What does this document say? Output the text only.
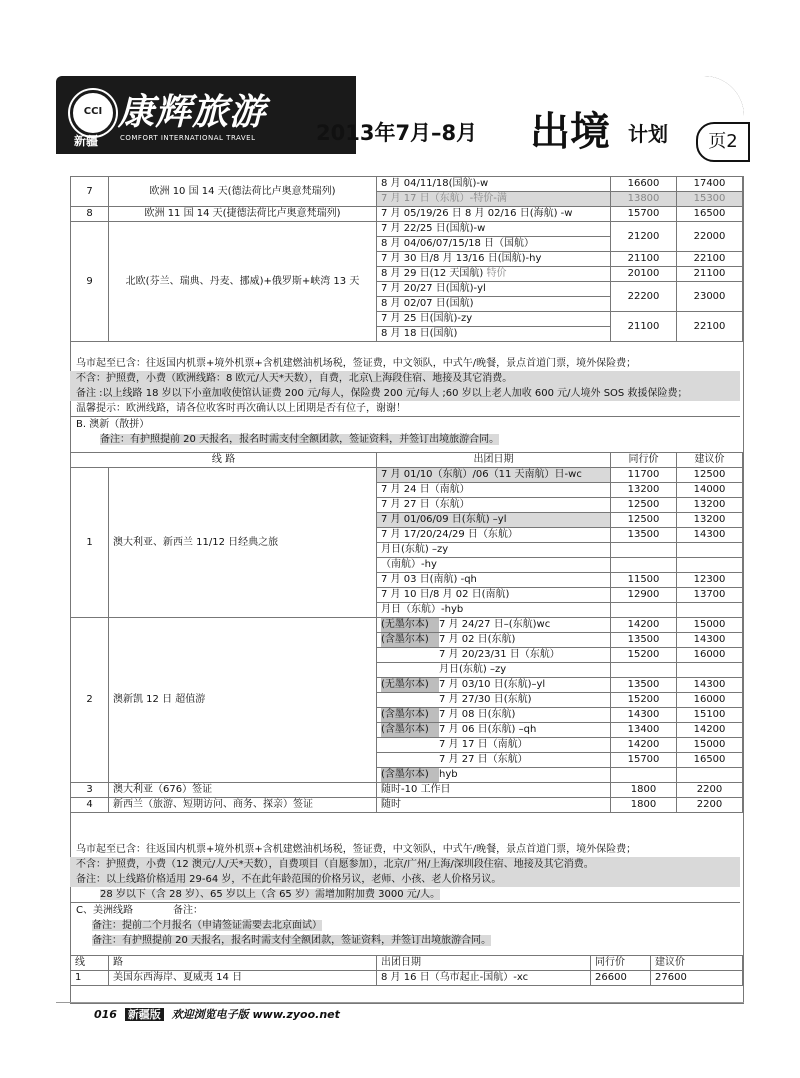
CCI
新疆
康辉旅游
COMFORT INTERNATIONAL TRAVEL	2013年7月–8月 出境 计划	页2
7	欧洲 10 国 14 天(德法荷比卢奥意梵瑞列)	8 月 04/11/18(国航)-w	16600	17400
		7 月 17 日（东航）-特价-满	13800	15300
8	欧洲 11 国 14 天(捷德法荷比卢奥意梵瑞列)	7 月 05/19/26 日 8 月 02/16 日(海航) -w	15700	16500
9	北欧(芬兰、瑞典、丹麦、挪威)+俄罗斯+峡湾 13 天	7 月 22/25 日(国航)-w	21200	22000
		8 月 04/06/07/15/18 日（国航）		
		7 月 30 日/8 月 13/16 日(国航)-hy	21100	22100
		8 月 29 日(12 天国航) 特价	20100	21100
		7 月 20/27 日(国航)-yl	22200	23000
		8 月 02/07 日(国航)		
		7 月 25 日(国航)-zy	21100	22100
		8 月 18 日(国航)		
乌市起至已含：往返国内机票+境外机票+含机建燃油机场税，签证费，中文领队，中式午/晚餐，景点首道门票，境外保险费；
不含：护照费，小费（欧洲线路：8 欧元/人天*天数），自费，北京\上海段住宿、地接及其它消费。
备注 :以上线路 18 岁以下小童加收使馆认证费 200 元/每人，保险费 200 元/每人 ;60 岁以上老人加收 600 元/人境外 SOS 救援保险费；
温馨提示：欧洲线路，请各位收客时再次确认以上团期是否有位子，谢谢！
B. 澳新（散拼）
备注：有护照提前 20 天报名，报名时需支付全额团款，签证资料，并签订出境旅游合同。
线 路		出团日期	同行价	建议价
1	澳大利亚、新西兰 11/12 日经典之旅	7 月 01/10（东航）/06（11 天南航）日-wc	11700	12500
		7 月 24 日（南航）	13200	14000
		7 月 27 日（东航）	12500	13200
		7 月 01/06/09 日(东航) –yl	12500	13200
		7 月 17/20/24/29 日（东航）	13500	14300
		月日(东航) –zy		
		（南航）-hy		
		7 月 03 日(南航) -qh	11500	12300
		7 月 10 日/8 月 02 日(南航)	12900	13700
		月日（东航）-hyb		
2	澳新凯 12 日 超值游	(无墨尔本) 7 月 24/27 日–(东航)wc	14200	15000
		(含墨尔本) 7 月 02 日(东航)	13500	14300
		7 月 20/23/31 日（东航）	15200	16000
		月日(东航) –zy		
		(无墨尔本) 7 月 03/10 日(东航)–yl	13500	14300
		7 月 27/30 日(东航)	15200	16000
		(含墨尔本) 7 月 08 日(东航)	14300	15100
		(含墨尔本) 7 月 06 日(东航) –qh	13400	14200
		7 月 17 日（南航）	14200	15000
		7 月 27 日（东航）	15700	16500
		(含墨尔本) hyb		
3	澳大利亚（676）签证	随时-10 工作日	1800	2200
4	新西兰（旅游、短期访问、商务、探亲）签证	随时	1800	2200
乌市起至已含：往返国内机票+境外机票+含机建燃油机场税，签证费，中文领队，中式午/晚餐，景点首道门票，境外保险费；
不含：护照费，小费（12 澳元/人/天*天数），自费项目（自愿参加），北京/广州/上海/深圳段住宿、地接及其它消费。
备注：以上线路价格适用 29-64 岁，不在此年龄范围的价格另议，老师、小孩、老人价格另议。
28 岁以下（含 28 岁）、65 岁以上（含 65 岁）需增加附加费 3000 元/人。
C、美洲线路	备注：
备注：提前二个月报名（申请签证需要去北京面试）
备注：有护照提前 20 天报名，报名时需支付全额团款，签证资料，并签订出境旅游合同。
线	路	出团日期	同行价	建议价
1	美国东西海岸、夏威夷 14 日	8 月 16 日（乌市起止-国航）-xc	26600	27600
016 新疆版 欢迎浏览电子版 www.zyoo.net
